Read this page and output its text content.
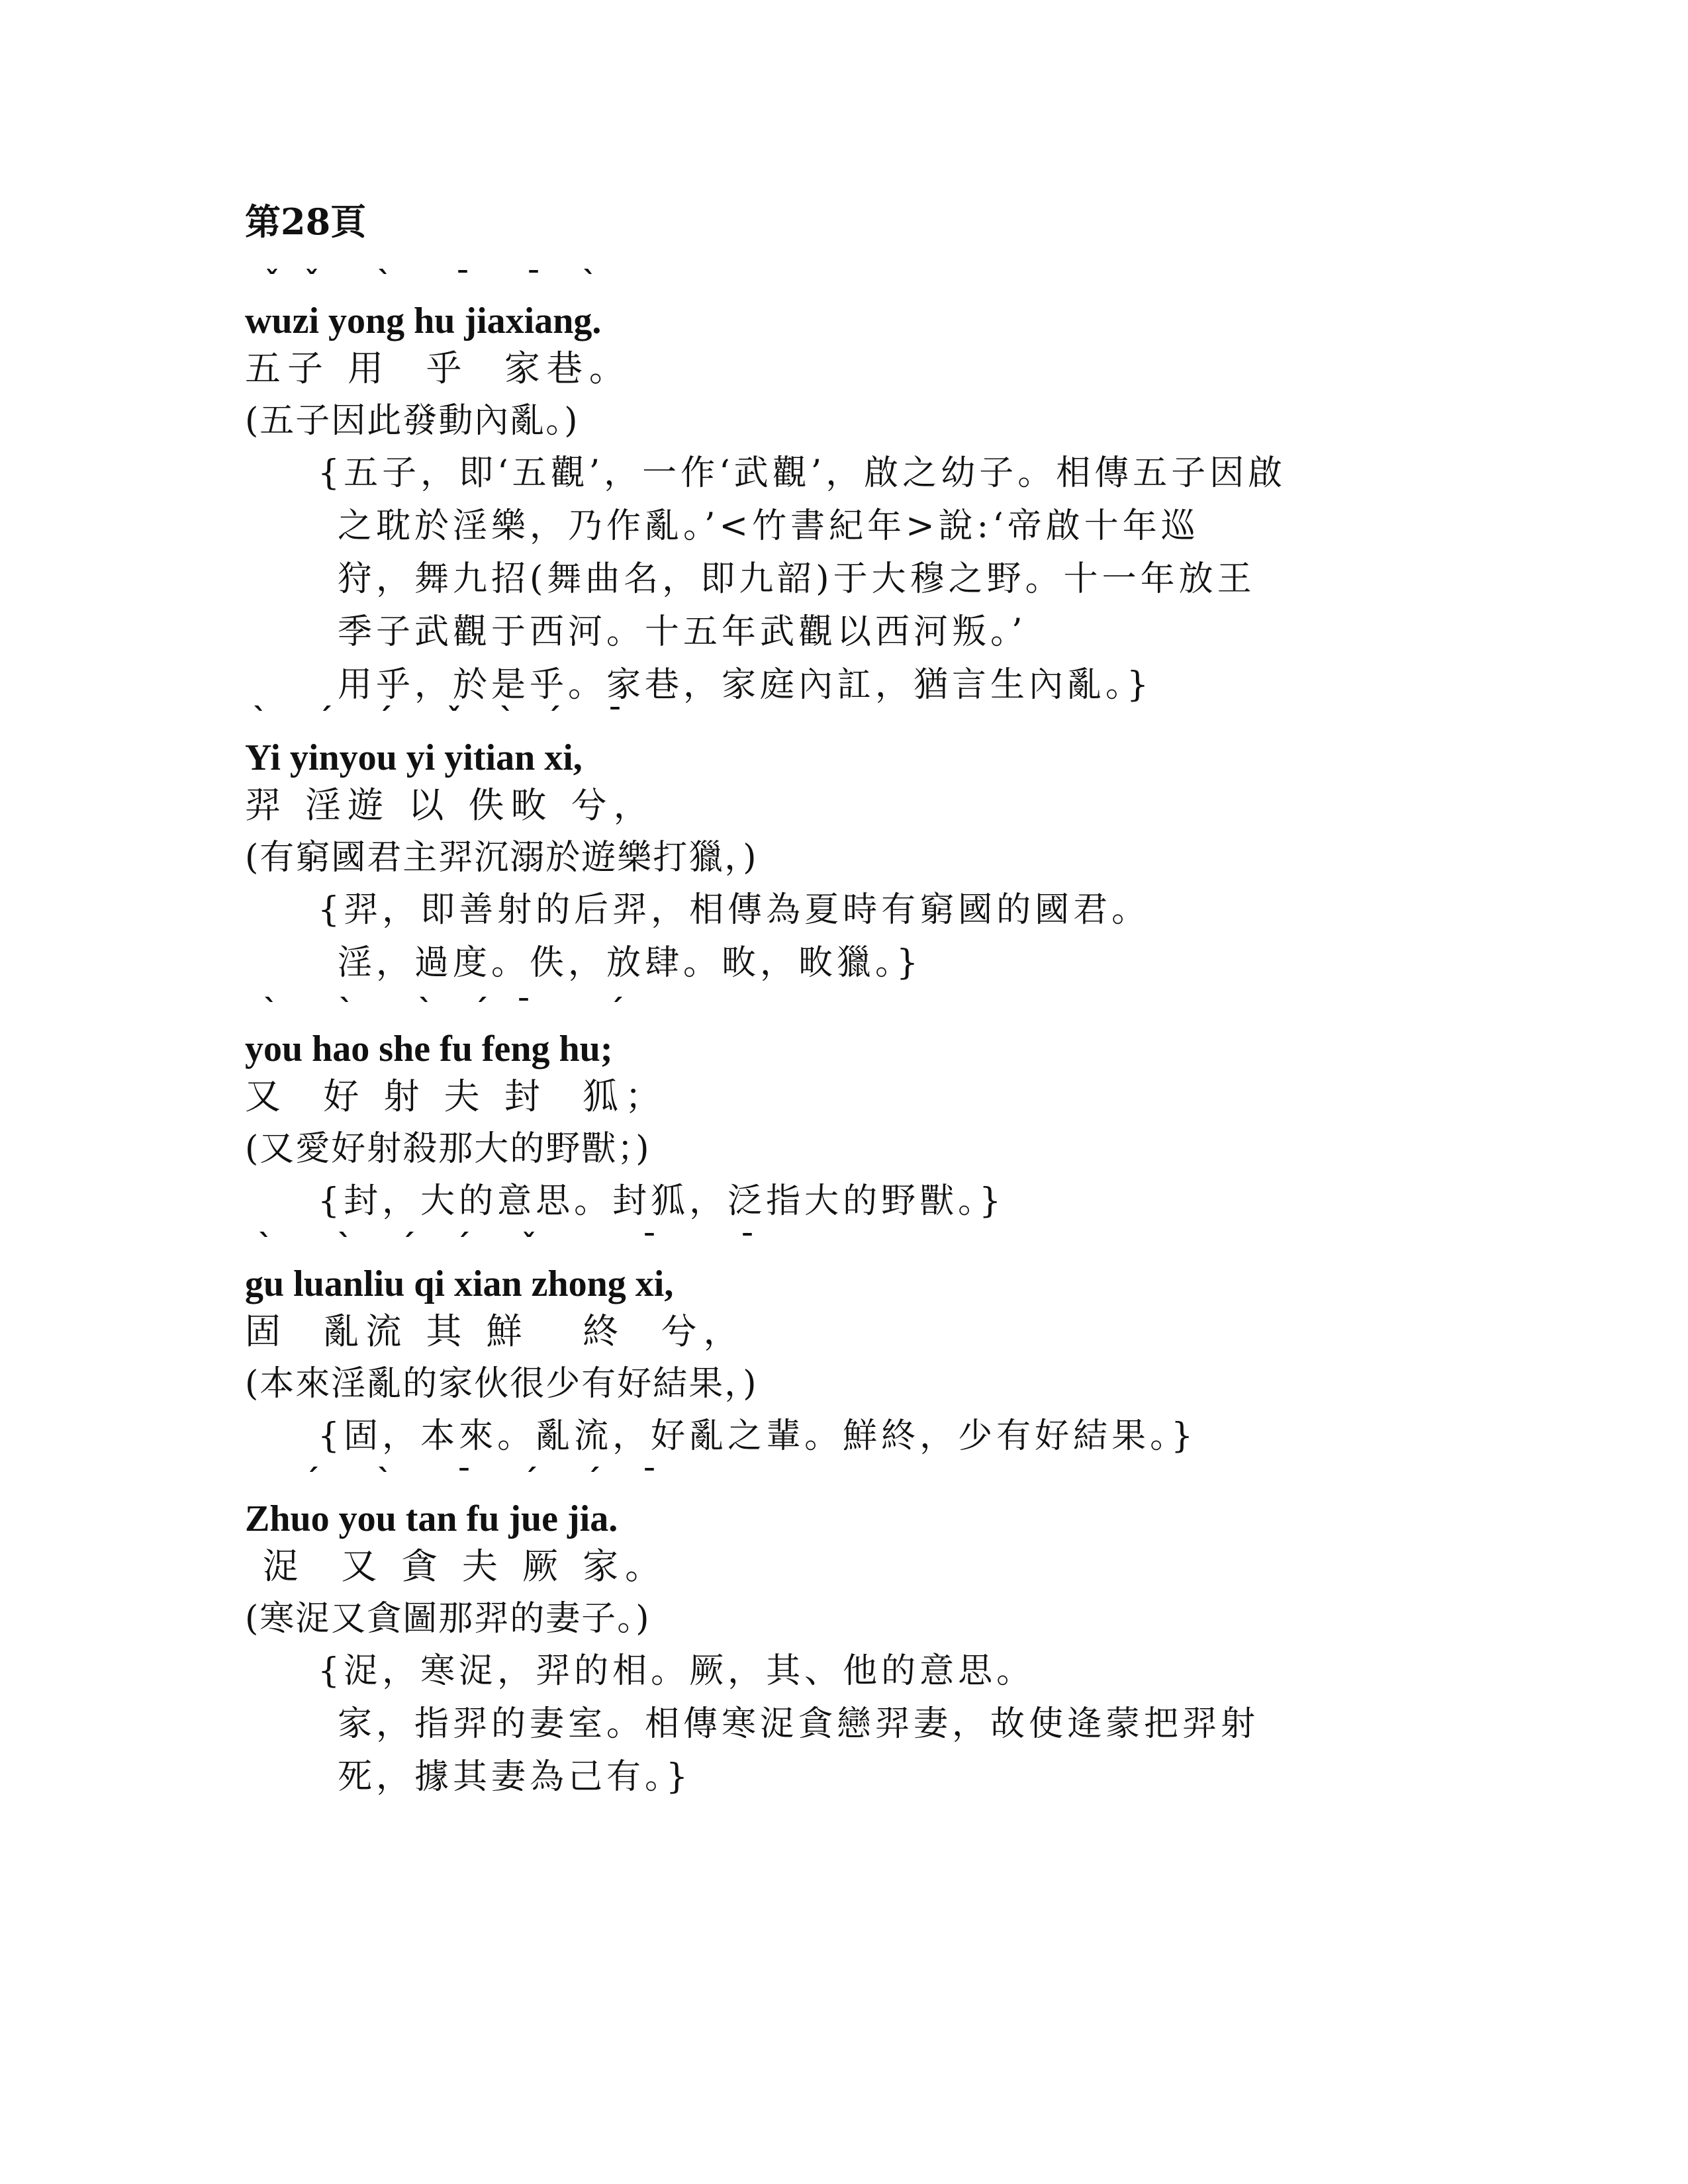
第28頁
ˇ ˇ ˋ ˉ ˉ ˋ
wuzi yong hu jiaxiang.
五子 用  乎  家巷。
(五子因此發動內亂。)
{五子，即‘五觀’，一作‘武觀’，啟之幼子。相傳五子因啟
之耽於淫樂，乃作亂。’<竹書紀年>說:‘帝啟十年巡
狩，舞九招(舞曲名，即九韶)于大穆之野。十一年放王
季子武觀于西河。十五年武觀以西河叛。’
用乎，於是乎。家巷，家庭內訌，猶言生內亂。}
ˋ ˊ ˊ ˇ ˋ ˊ ˉ
Yi yinyou yi yitian xi,
羿 淫遊 以 佚畋 兮，
(有窮國君主羿沉溺於遊樂打獵，)
{羿，即善射的后羿，相傳為夏時有窮國的國君。
淫，過度。佚，放肆。畋，畋獵。}
ˋ ˋ ˋ ˊ ˉ	ˊ
you hao she fu feng hu;
又  好 射 夫 封  狐；
(又愛好射殺那大的野獸；)
{封，大的意思。封狐，泛指大的野獸。}
ˋ ˋ ˊ ˊ ˇ	ˉ	ˉ
gu luanliu qi xian zhong xi,
固  亂流 其 鮮   終  兮，
(本來淫亂的家伙很少有好結果，)
{固，本來。亂流，好亂之輩。鮮終，少有好結果。}
ˊ ˋ ˉ ˊ ˊ ˉ
Zhuo you tan fu jue jia.
浞  又 貪 夫 厥 家。
(寒浞又貪圖那羿的妻子。)
{浞，寒浞，羿的相。厥，其、他的意思。
家，指羿的妻室。相傳寒浞貪戀羿妻，故使逄蒙把羿射
死，據其妻為己有。}
